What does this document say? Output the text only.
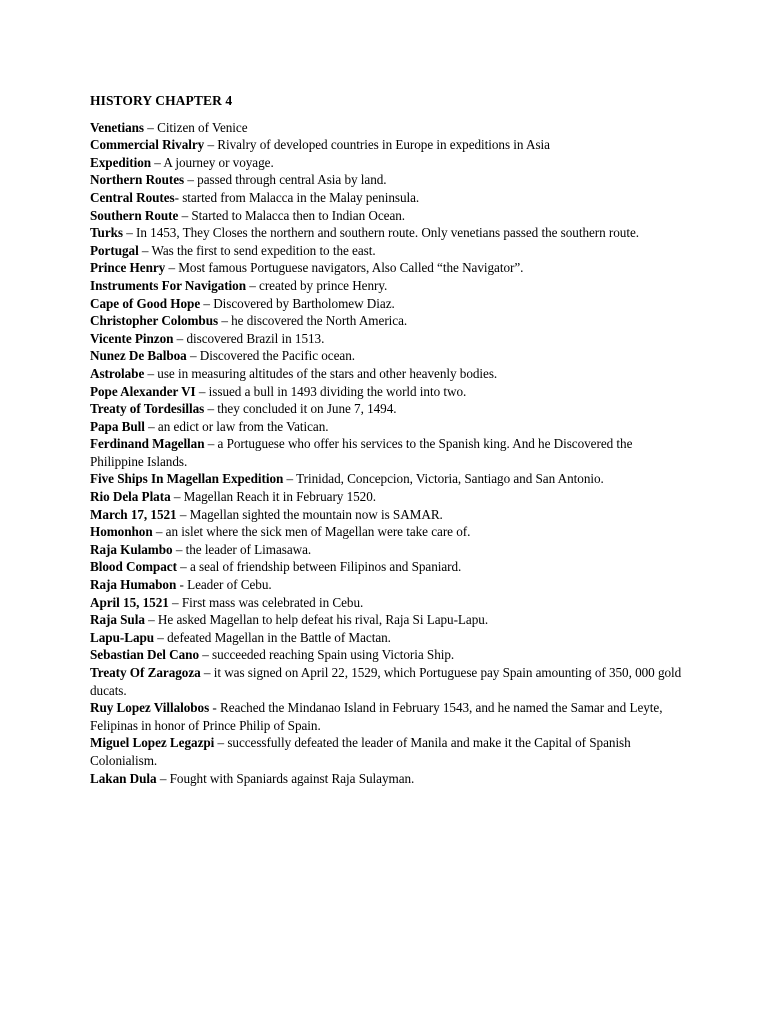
HISTORY CHAPTER 4
Venetians – Citizen of Venice
Commercial Rivalry – Rivalry of developed countries in Europe in expeditions in Asia
Expedition – A journey or voyage.
Northern Routes – passed through central Asia by land.
Central Routes- started from Malacca in the Malay peninsula.
Southern Route – Started to Malacca then to Indian Ocean.
Turks – In 1453, They Closes the northern and southern route. Only venetians passed the southern route.
Portugal – Was the first to send expedition to the east.
Prince Henry – Most famous Portuguese navigators, Also Called “the Navigator”.
Instruments For Navigation – created by prince Henry.
Cape of Good Hope – Discovered by Bartholomew Diaz.
Christopher Colombus – he discovered the North America.
Vicente Pinzon – discovered Brazil in 1513.
Nunez De Balboa – Discovered the Pacific ocean.
Astrolabe – use in measuring altitudes of the stars and other heavenly bodies.
Pope Alexander VI – issued a bull in 1493 dividing the world into two.
Treaty of Tordesillas – they concluded it on June 7, 1494.
Papa Bull – an edict or law from the Vatican.
Ferdinand Magellan – a Portuguese who offer his services to the Spanish king. And he Discovered the Philippine Islands.
Five Ships In Magellan Expedition – Trinidad, Concepcion, Victoria, Santiago and San Antonio.
Rio Dela Plata – Magellan Reach it in February 1520.
March 17, 1521 – Magellan sighted the mountain now is SAMAR.
Homonhon – an islet where the sick men of Magellan were take care of.
Raja Kulambo – the leader of Limasawa.
Blood Compact – a seal of friendship between Filipinos and Spaniard.
Raja Humabon - Leader of Cebu.
April 15, 1521 – First mass was celebrated in Cebu.
Raja Sula – He asked Magellan to help defeat his rival, Raja Si Lapu-Lapu.
Lapu-Lapu – defeated Magellan in the Battle of Mactan.
Sebastian Del Cano – succeeded reaching Spain using Victoria Ship.
Treaty Of Zaragoza – it was signed on April 22, 1529, which Portuguese pay Spain amounting of 350, 000 gold ducats.
Ruy Lopez Villalobos - Reached the Mindanao Island in February 1543, and he named the Samar and Leyte, Felipinas in honor of Prince Philip of Spain.
Miguel Lopez Legazpi – successfully defeated the leader of Manila and make it the Capital of Spanish Colonialism.
Lakan Dula – Fought with Spaniards against Raja Sulayman.
